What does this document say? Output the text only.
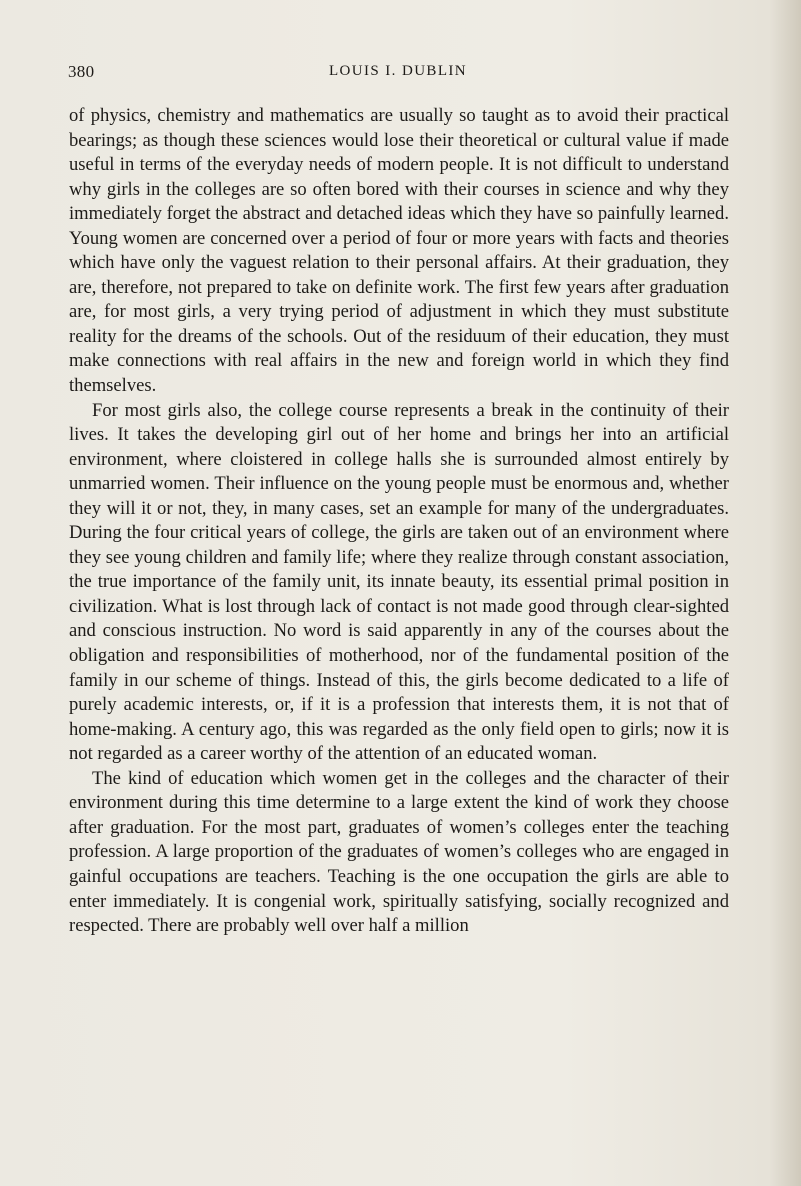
380	LOUIS I. DUBLIN

of physics, chemistry and mathematics are usually so taught as to avoid their practical bearings; as though these sciences would lose their theoretical or cultural value if made useful in terms of the everyday needs of modern people. It is not difficult to understand why girls in the colleges are so often bored with their courses in science and why they immediately forget the abstract and detached ideas which they have so painfully learned. Young women are concerned over a period of four or more years with facts and theories which have only the vaguest relation to their personal affairs. At their graduation, they are, therefore, not prepared to take on definite work. The first few years after graduation are, for most girls, a very trying period of adjustment in which they must substitute reality for the dreams of the schools. Out of the residuum of their education, they must make connections with real affairs in the new and foreign world in which they find themselves.

For most girls also, the college course represents a break in the continuity of their lives. It takes the developing girl out of her home and brings her into an artificial environment, where cloistered in college halls she is surrounded almost entirely by unmarried women. Their influence on the young people must be enormous and, whether they will it or not, they, in many cases, set an example for many of the undergraduates. During the four critical years of college, the girls are taken out of an environment where they see young children and family life; where they realize through constant association, the true importance of the family unit, its innate beauty, its essential primal position in civilization. What is lost through lack of contact is not made good through clear-sighted and conscious instruction. No word is said apparently in any of the courses about the obligation and responsibilities of motherhood, nor of the fundamental position of the family in our scheme of things. Instead of this, the girls become dedicated to a life of purely academic interests, or, if it is a profession that interests them, it is not that of home-making. A century ago, this was regarded as the only field open to girls; now it is not regarded as a career worthy of the attention of an educated woman.

The kind of education which women get in the colleges and the character of their environment during this time determine to a large extent the kind of work they choose after graduation. For the most part, graduates of women’s colleges enter the teaching profession. A large proportion of the graduates of women’s colleges who are engaged in gainful occupations are teachers. Teaching is the one occupation the girls are able to enter immediately. It is congenial work, spiritually satisfying, socially recognized and respected. There are probably well over half a million
